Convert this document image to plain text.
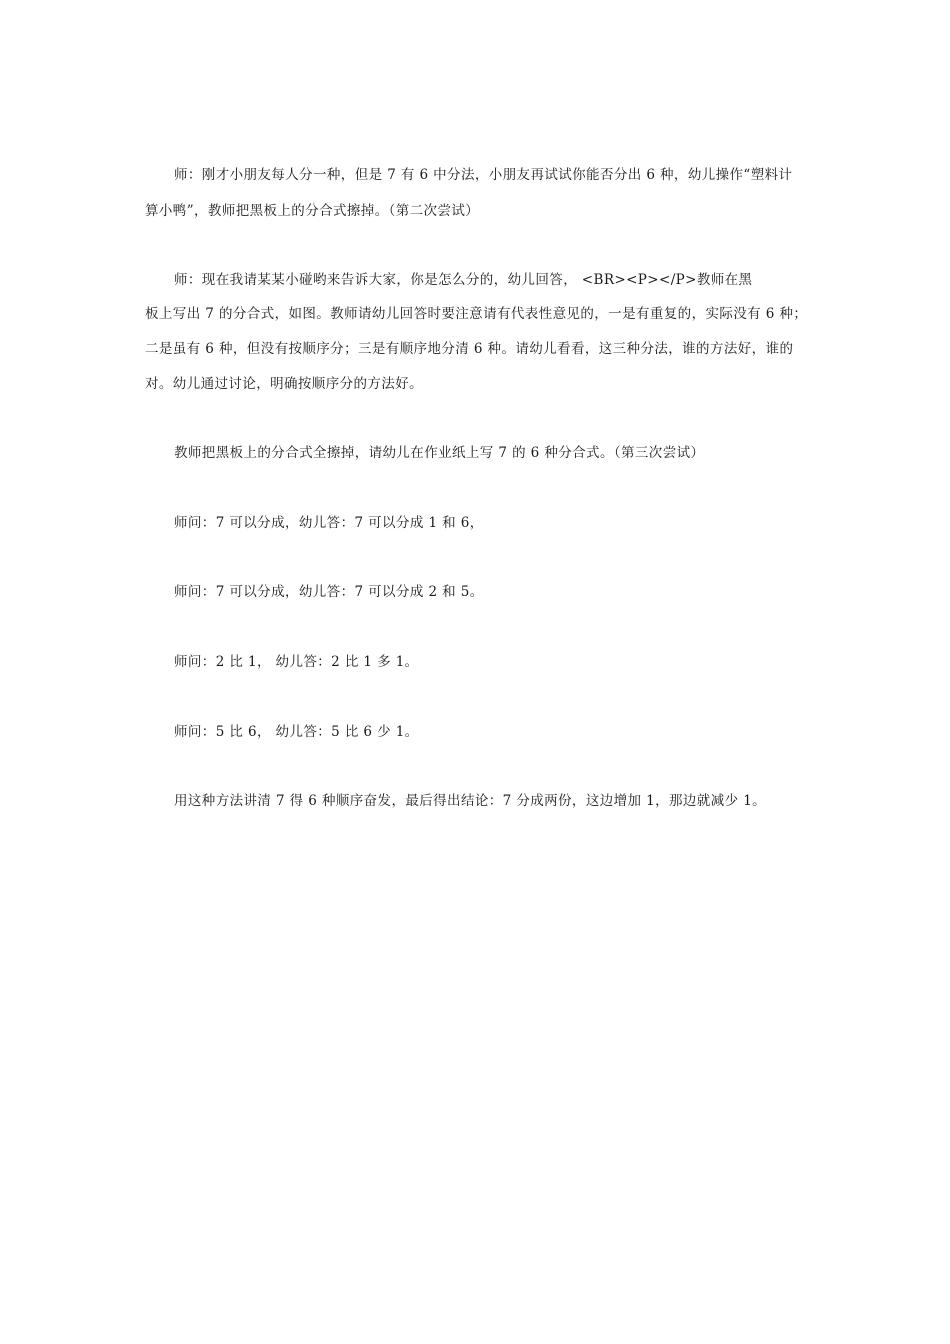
师：刚才小朋友每人分一种，但是 7 有 6 中分法，小朋友再试试你能否分出 6 种，幼儿操作“塑料计
算小鸭”，教师把黑板上的分合式擦掉。（第二次尝试）
师：现在我请某某小碰哟来告诉大家，你是怎么分的，幼儿回答， <BR><P></P>教师在黑
板上写出 7 的分合式，如图。教师请幼儿回答时要注意请有代表性意见的，一是有重复的，实际没有 6 种；
二是虽有 6 种，但没有按顺序分；三是有顺序地分清 6 种。请幼儿看看，这三种分法，谁的方法好，谁的
对。幼儿通过讨论，明确按顺序分的方法好。
教师把黑板上的分合式全擦掉，请幼儿在作业纸上写 7 的 6 种分合式。（第三次尝试）
师问：7 可以分成，幼儿答：7 可以分成 1 和 6，
师问：7 可以分成，幼儿答：7 可以分成 2 和 5。
师问：2 比 1， 幼儿答：2 比 1 多 1。
师问：5 比 6， 幼儿答：5 比 6 少 1。
用这种方法讲清 7 得 6 种顺序奋发，最后得出结论：7 分成两份，这边增加 1，那边就减少 1。
